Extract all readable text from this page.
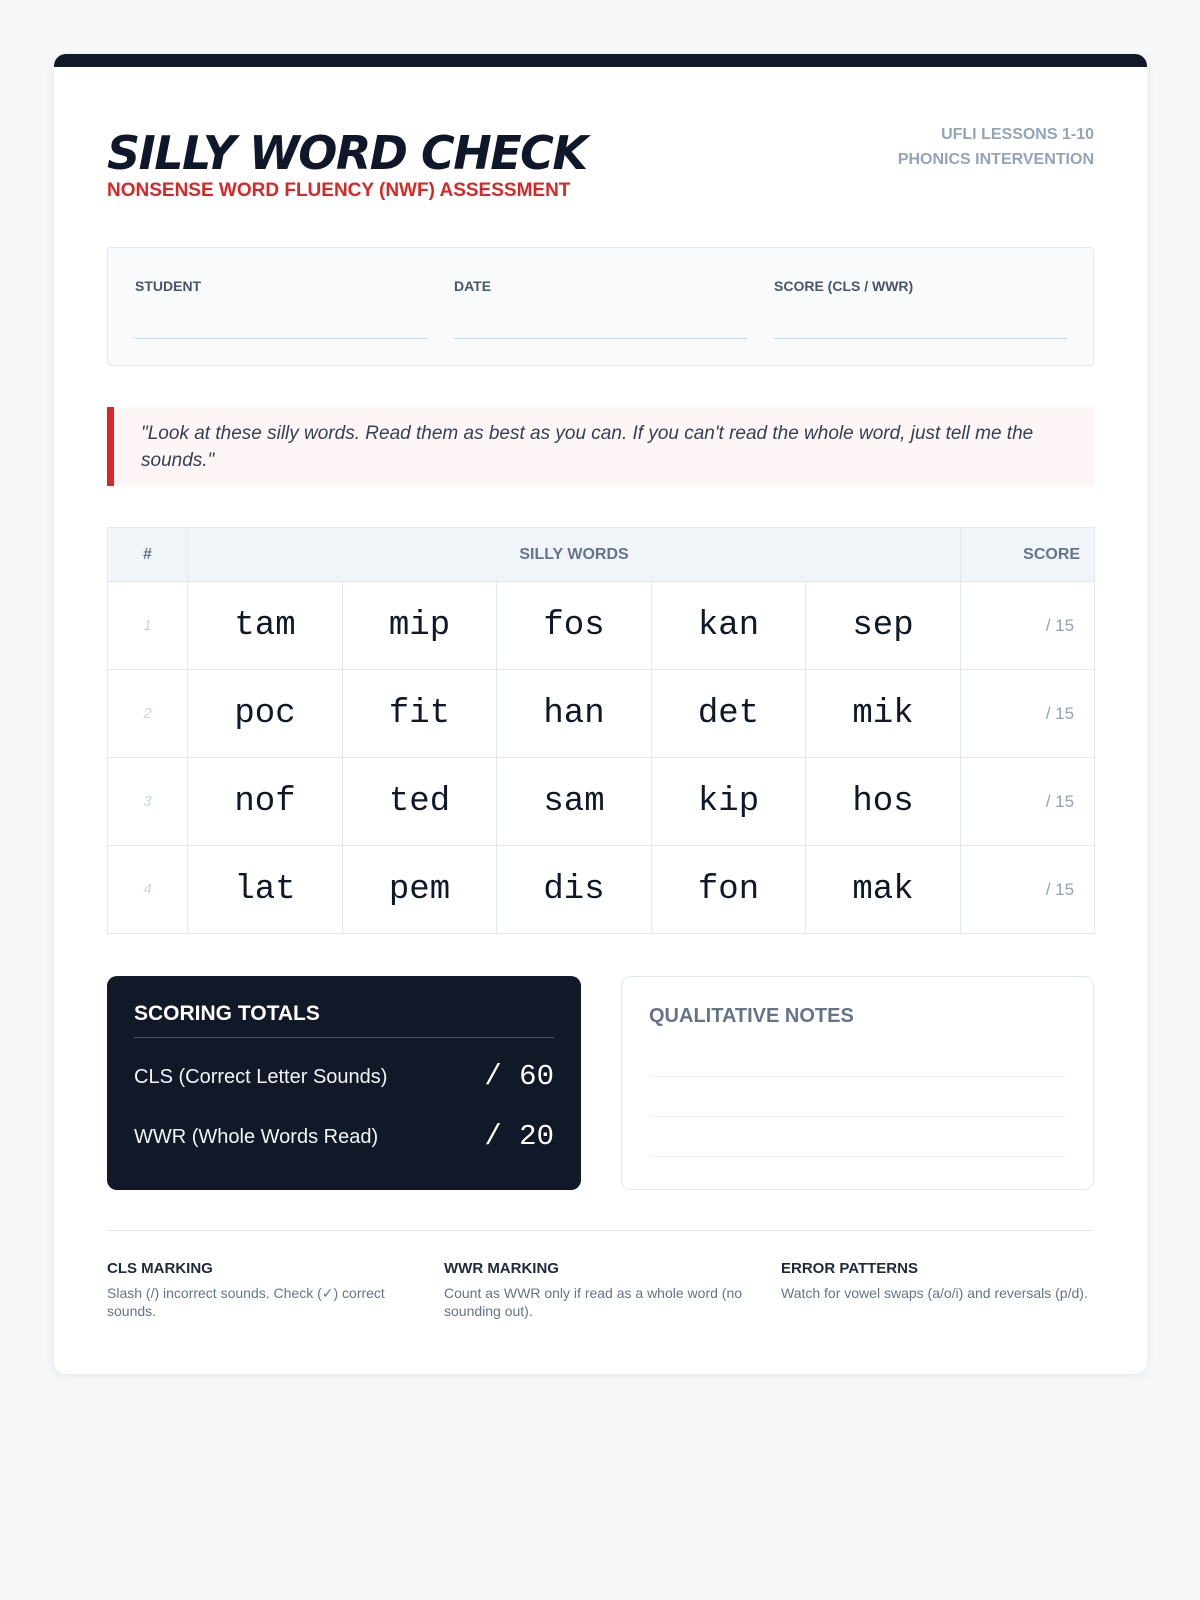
SILLY WORD CHECK
NONSENSE WORD FLUENCY (NWF) ASSESSMENT
UFLI LESSONS 1-10
PHONICS INTERVENTION
STUDENT	DATE	SCORE (CLS / WWR)

"Look at these silly words. Read them as best as you can. If you can't read the whole word, just tell me the sounds."

#	SILLY WORDS					SCORE
1	tam	mip	fos	kan	sep	/ 15
2	poc	fit	han	det	mik	/ 15
3	nof	ted	sam	kip	hos	/ 15
4	lat	pem	dis	fon	mak	/ 15
SCORING TOTALS
CLS (Correct Letter Sounds)	/ 60
WWR (Whole Words Read)	/ 20
QUALITATIVE NOTES
CLS MARKING
Slash (/) incorrect sounds. Check (✓) correct sounds.
WWR MARKING
Count as WWR only if read as a whole word (no sounding out).
ERROR PATTERNS
Watch for vowel swaps (a/o/i) and reversals (p/d).
